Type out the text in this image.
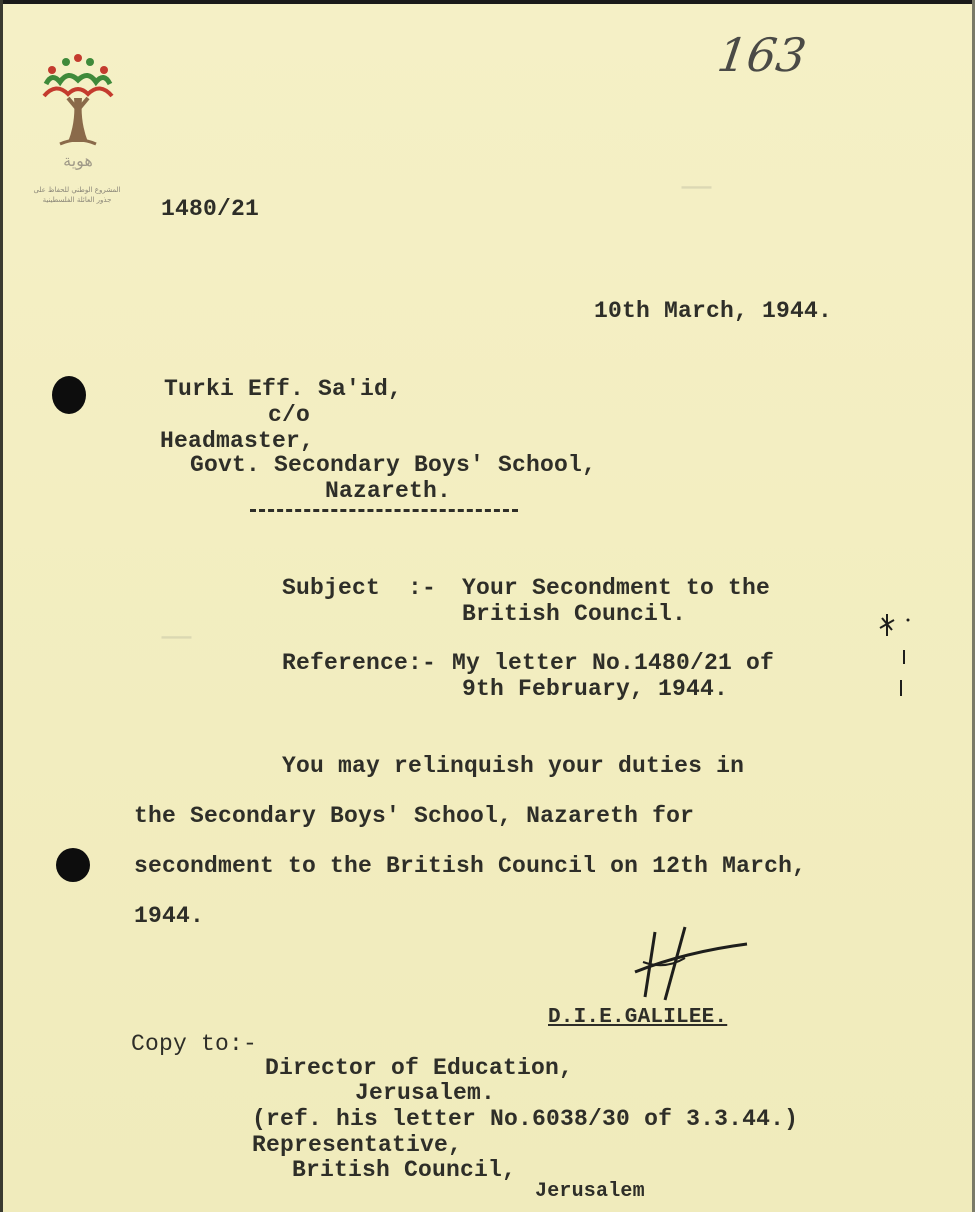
|
|
هوية
المشروع الوطني للحفاظ على
جذور العائلة الفلسطينية
163
1480/21
10th March, 1944.
Turki Eff. Sa'id,
c/o
Headmaster,
Govt. Secondary Boys' School,
Nazareth.
Subject  :- Your Secondment to the
British Council.
Reference:- My letter No.1480/21 of
9th February, 1944.
You may relinquish your duties in
the Secondary Boys' School, Nazareth for
secondment to the British Council on 12th March,
1944.
D.I.E.GALILEE.
Copy to:-
Director of Education,
Jerusalem.
(ref. his letter No.6038/30 of 3.3.44.)
Representative,
British Council,
Jerusalem
